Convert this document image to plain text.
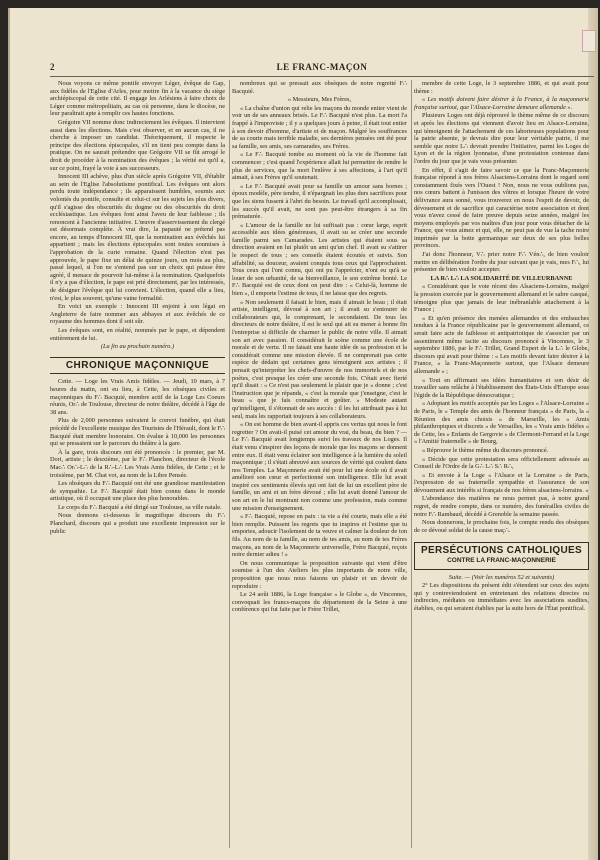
2	LE FRANC-MAÇON

Nous voyons ce même pontife envoyer Léger, évêque de Gap, aux fidèles de l'Eglise d'Arles, pour mettre fin à la vacance du siège archiépiscopal de cette cité. Il engage les Arlésiens à faire choix de Léger comme métropolitain, au cas où personne, dans le diocèse, ne leur paraîtrait apte à remplir ces hautes fonctions.

Grégoire VII nomme donc indirectement les évêques. Il intervient aussi dans les élections. Mais c'est observer, et en aucun cas, il ne cherche à imposer un candidat. Théoriquement, il respecte le principe des élections épiscopales, s'il en tient peu compte dans la pratique. On ne saurait prétendre que Grégoire VII se fût arrogé le droit de procéder à la nomination des évêques ; la vérité est qu'il a, sur ce point, frayé la voie à ses successeurs.

Innocent III achève, plus d'un siècle après Grégoire VII, d'établir au sein de l'Eglise l'absolutisme pontifical. Les évêques ont alors perdu toute indépendance ; ils apparaissent humbles, soumis aux volontés du pontife, consulte et celui-ci sur les sujets les plus divers, qu'il s'agisse des obscurités du dogme ou des obscurités du droit ecclésiastique. Les évêques font ainsi l'aveu de leur faiblesse ; ils renoncent à l'ancienne initiative. L'œuvre d'asservissement du clergé est désormais complète. À vrai dire, la papauté ne prétend pas encore, au temps d'Innocent III, que la nomination aux évêchés lui appartient ; mais les élections épiscopales sont toutes soumises à l'approbation de la curie romaine. Quand l'élection n'est pas approuvée, le pape fixe un délai de quinze jours, un mois au plus, passé lequel, si l'on ne s'entend pas sur un choix qui puisse être agréé, il menace de pourvoir lui-même à la nomination. Quelquefois il n'y a pas d'élection, le pape est prié directement, par les intéressés, de désigner l'évêque qui lui convient. L'élection, quand elle a lieu, n'est, le plus souvent, qu'une vaine formalité.

En voici un exemple : Innocent III enjoint à son légat en Angleterre de faire nommer aux abbayes et aux évêchés de ce royaume des hommes dont il soit sûr.

Les évêques sont, en réalité, nommés par le pape, et dépendent entièrement de lui.

(La fin au prochain numéro.)

CHRONIQUE MAÇONNIQUE

Cette. — Loge les Vrais Amis fidèles. — Jeudi, 10 mars, à 7 heures du matin, ont eu lieu, à Cette, les obsèques civiles et maçonniques du F∴ Bacquié, membre actif de la Loge Les Coeurs réunis, Or∴ de Toulouse, directeur de notre théâtre, décédé à l'âge de 38 ans.

Plus de 2,000 personnes suivaient le convoi funèbre, qui était précédé de l'excellente musique des Touristes de l'Hérault, dont le F∴ Bacquié était membre honoraire. On évalue à 10,000 les personnes qui se pressaient sur le parcours du théâtre à la gare.

À la gare, trois discours ont été prononcés : le premier, par M. Dori, artiste ; le deuxième, par le F∴ Planchon, directeur de l'école Mac∴ Or∴-L∴ de la R∴-L∴ Les Vrais Amis fidèles, de Cette ; et le troisième, par M. Chat vot, au nom de la Libre Pensée.

Les obsèques du F∴ Bacquié ont été une grandiose manifestation de sympathie. Le F∴ Bacquié était bien connu dans le monde artistique, où il occupait une place des plus honorables.

Le corps du F∴ Bacquié a été dirigé sur Toulouse, sa ville natale.

Nous donnons ci-dessous le magnifique discours du F∴ Planchard, discours qui a produit une excellente impression sur le public

nombreux qui se pressait aux obsèques de notre regretté F∴ Bacquié.

« Messieurs, Mes Frères,

« La chaîne d'union qui relie les maçons du monde entier vient de voir un de ses anneaux brisés. Le F∴ Bacquié n'est plus. La mort l'a frappé à l'improviste ; il y a quelques jours à peine, il était tout entier à son devoir d'homme, d'artiste et de maçon. Malgré les souffrances de sa courte mais terrible maladie, ses dernières pensées ont été pour sa famille, ses amis, ses camarades, ses Frères.

« Le F∴ Bacquié tombe au moment où la vie de l'homme fait commencer ; c'est quand l'expérience allait lui permettre de rendre le plus de services, que la mort l'enlève à ses affections, à l'art qu'il aimait, à ses Frères qu'il soutenait.

« Le F∴ Bacquié avait pour sa famille un amour sans bornes ; époux modèle, père tendre, il n'épargnait les plus durs sacrifices pour que les siens fussent à l'abri du besoin. Le travail qu'il accomplissait, les succès qu'il avait, ne sont pas peut-être étrangers à sa fin prématurée.

« L'amour de la famille ne lui suffisait pas : cœur large, esprit accessible aux idées généreuses, il avait su se créer une seconde famille parmi ses Camarades. Les artistes qui étaient sous sa direction avaient en lui plutôt un ami qu'un chef. Il avait su s'attirer le respect de tous ; ses conseils étaient écoutés et suivis. Son affabilité, sa douceur, avaient conquis tous ceux qui l'approchaient. Tous ceux qui l'ont connu, qui ont pu l'apprécier, n'ont eu qu'à se louer de son urbanité, de sa bienveillance, le son extrême bonté. Le F∴ Bacquié est de ceux dont on peut dire : « Celui-là, homme de bien », il emporte l'estime de tous, il ne laisse que des regrets.

« Non seulement il faisait le bien, mais il aimait le beau ; il était artiste, intelligent, dévoué à son art ; il avait su s'entourer de collaborateurs qui, le comprenant, le secondaient. De tous les directeurs de notre théâtre, il est le seul qui ait su mener à bonne fin l'entreprise si difficile de charmer le public de notre ville. Il aimait son art avec passion. Il considérait le scène comme une école de morale et de vertu. Il ne faisait une haute idée de sa profession et la considérait comme une mission élevée. Il ne comprenait pas cette espèce de dédain qui certaines gens témoignent aux artistes ; il pensait qu'interpréter les chefs-d'œuvre de nos immortels et de nos poètes, c'est presque les créer une seconde fois. C'était avec fierté qu'il disait : « Ce n'est pas seulement le plaisir que je « donne ; c'est l'instruction que je répands, « c'est la morale que j'enseigne, c'est le beau « que je fais connaître et goûter. » Modeste autant qu'intelligent, il s'étonnait de ses succès : il les lui attribuait pas à lui seul, mais les rapportait toujours à ses collaborateurs.

« On est homme de bien avant-il appris ces vertus qui nous le font regretter ? On avait-il puisé cet amour du vrai, du beau, du bien ? — Le F∴ Bacquié avait longtemps suivi les travaux de nos Loges. Il était venu s'inspirer des leçons de morale que les maçons se donnent entre eux. Il était venu éclairer son intelligence à la lumière du soleil maçonnique ; il s'était abreuvé aux sources de vérité qui coulent dans nos Temples. La Maçonnerie avait été pour lui une école où il avait amélioré son cœur et perfectionné son intelligence. Elle lui avait inspiré ces sentiments élevés qui ont fait de lui un excellent père de famille, un ami et un frère dévoué ; elle lui avait donné l'amour de son art en le lui montrant non comme une profession, mais comme une mission d'enseignement.

« F∴ Bacquié, repose en paix : ta vie a été courte, mais elle a été bien remplie. Puissent les regrets que tu inspires et l'estime que tu emportes, adoucir l'isolement de ta veuve et calmer la douleur de ton fils. Au nom de ta famille, au nom de tes amis, au nom de tes Frères maçons, au nom de la Maçonnerie universelle, Frère Bacquié, reçois notre dernier adieu ! »

On nous communique la proposition suivante qui vient d'être soumise à l'un des Ateliers les plus importants de notre ville, proposition que nous nous faisons un plaisir et un devoir de reproduire :

Le 24 août 1886, la Loge française « le Globe », de Vincennes, convoquait les francs-maçons du département de la Seine à une conférence qui fut faite par le Frère Trillet,

membre de cette Loge, le 3 septembre 1886, et qui avait pour thème :

« Les motifs doivent faire désirer à la France, à la maçonnerie française surtout, que l'Alsace-Lorraine demeure allemande ».

Plusieurs Loges ont déjà réprouvé le thème même de ce discours et après les élections qui viennent d'avoir lieu en Alsace-Lorraine, qui témoignent de l'attachement de ces laborieuses populations pour la patrie absente, je devrais dire pour leur véritable patrie, il me semble que notre L∴ devrait prendre l'initiative, parmi les Loges de Lyon et de la région lyonnaise, d'une protestation contenue dans l'ordre du jour que je vais vous présenter.

En effet, il s'agit de faire savoir ce que la Franc-Maçonnerie française répond à nos frères Alsaciens-Lorrains dont le regard sont constamment fixés vers l'Ouest ! Non, nous ne vous oublions pas, nos cœurs battent à l'unisson des vôtres et lorsque l'heure de votre délivrance aura sonné, vous trouverez en nous l'esprit de devoir, de dévouement et de sacrifice qui caractérise notre association et dont vous n'avez cessé de faire preuve depuis seize années, malgré les moyens employés par vos maîtres d'un jour pour vous détacher de la France, que vous aimez et qui, elle, ne peut pas de vue la tache noire imprimée par la botte germanique sur deux de ses plus belles provinces.

J'ai donc l'honneur, V∴ prier notre F∴ Vén∴, de bien vouloir mettre en délibération l'ordre du jour suivant que je vais, mes F∴, lui présenter de bien vouloir accepter.

LA R∴ L∴ LA SOLIDARITÉ DE VILLEURBANNE

« Considérant que le vote récent des Alsaciens-Lorrains, malgré la pression exercée par le gouvernement allemand et le sabre casqué, témoigne plus que jamais de leur inébranlable attachement à la France ;

« Et qu'en présence des menées allemandes et des embauches tendues à la France républicaine par le gouvernement allemand, ce serait faire acte de faiblesse et antipatriotique de s'associer par un assentiment même tacite au discours prononcé à Vincennes, le 3 septembre 1886, par le F∴ Trillet, Grand Expert de la L∴ le Globe, discours qui avait pour thème : « Les motifs devant faire désirer à la France, « la Franc-Maçonnerie surtout, que l'Alsace demeure allemande » ;

« Tout en affirmant ses idées humanitaires et son désir de travailler sans relâche à l'établissement des États-Unis d'Europe sous l'égide de la République démocratique ;

« Adoptant les motifs acceptés par les Loges « l'Alsace-Lorraine » de Paris, le « Temple des amis de l'honneur français » de Paris, la « Réunion des amis choisis » de Marseille, les « Amis philanthropiques et discrets » de Versailles, les « Vrais amis fidèles » de Cette, les « Enfants de Gergovie » de Clermont-Ferrand et la Loge « l'Amitié fraternelle » de Bourg,

« Réprouve le thème même du discours prononcé.

« Décide que cette protestation sera officiellement adressée au Conseil de l'Ordre de la G∴ L∴ S∴ R∴,

« Et envoie à la Loge « l'Alsace et la Lorraine » de Paris, l'expression de sa fraternelle sympathie et l'assurance de son dévouement aux intérêts si français de nos frères alsaciens-lorrains. »

L'abondance des matières ne nous permet pas, à notre grand regret, de rendre compte, dans ce numéro, des funérailles civiles de notre F∴ Rambaud, décédé à Grenoble la semaine passée.

Nous donnerons, le prochaine fois, le compte rendu des obsèques de ce dévoué soldat de la cause maç∴.

PERSÉCUTIONS CATHOLIQUES
CONTRE LA FRANC-MAÇONNERIE

Suite. — (Voir les numéros 52 et suivants)

2° Les dispositions du présent édit s'étendent sur ceux des sujets qui y contreviendraient en entretenant des relations directes ou indirectes, médiates ou immédiates avec les associations susdites, établies, ou qui seraient établies par la suite hors de l'État pontifical.
